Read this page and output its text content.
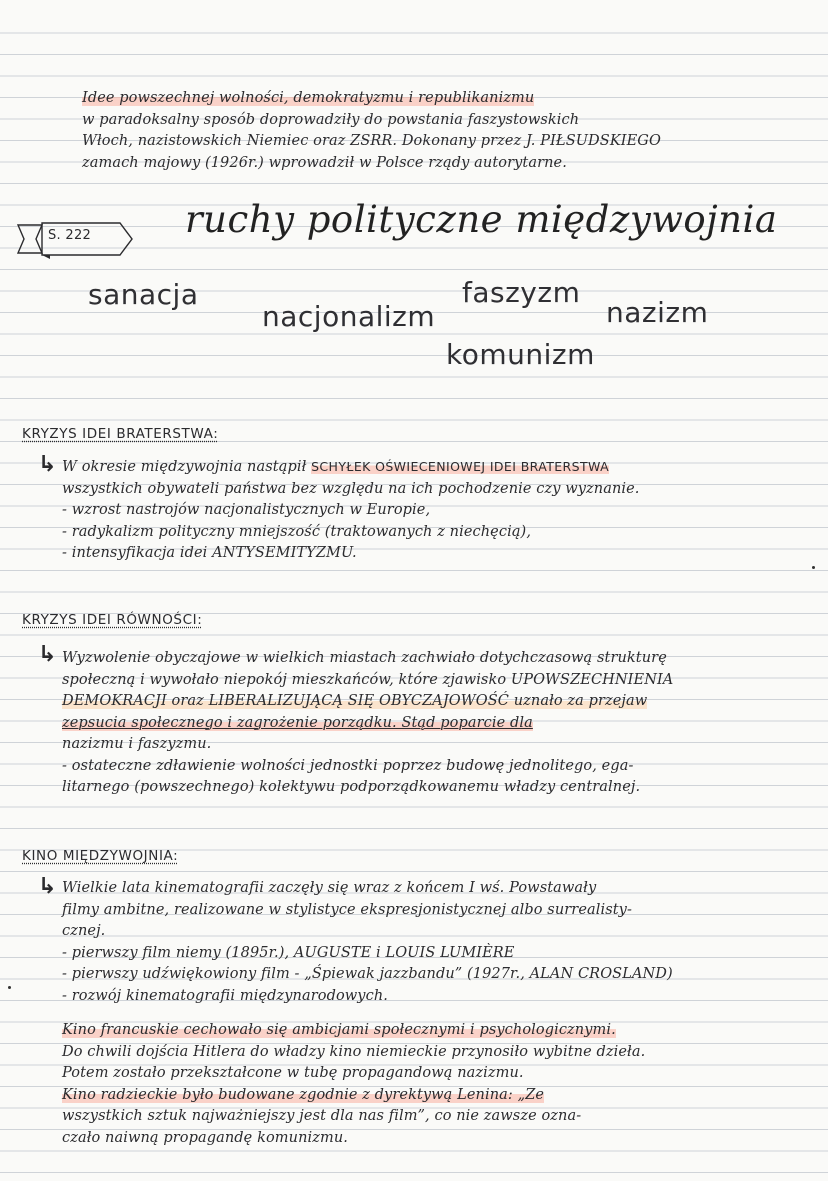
Idee powszechnej wolności, demokratyzmu i republikanizmu
w paradoksalny sposób doprowadziły do powstania faszystowskich
Włoch, nazistowskich Niemiec oraz ZSRR. Dokonany przez J. PIŁSUDSKIEGO
zamach majowy (1926r.) wprowadził w Polsce rządy autorytarne.
S. 222	ruchy polityczne międzywojnia
sanacja
nacjonalizm
faszyzm
nazizm
komunizm
KRYZYS IDEI BRATERSTWA:
↳ W okresie międzywojnia nastąpił SCHYŁEK OŚWIECENIOWEJ IDEI BRATERSTWA
wszystkich obywateli państwa bez względu na ich pochodzenie czy wyznanie.
- wzrost nastrojów nacjonalistycznych w Europie,
- radykalizm polityczny mniejszość (traktowanych z niechęcią),
- intensyfikacja idei ANTYSEMITYZMU.
KRYZYS IDEI RÓWNOŚCI:
↳ Wyzwolenie obyczajowe w wielkich miastach zachwiało dotychczasową strukturę
społeczną i wywołało niepokój mieszkańców, które zjawisko UPOWSZECHNIENIA
DEMOKRACJI oraz LIBERALIZUJĄCĄ SIĘ OBYCZAJOWOŚĆ uznało za przejaw
zepsucia społecznego i zagrożenie porządku. Stąd poparcie dla
nazizmu i faszyzmu.
- ostateczne zdławienie wolności jednostki poprzez budowę jednolitego, ega-
litarnego (powszechnego) kolektywu podporządkowanemu władzy centralnej.
KINO MIĘDZYWOJNIA:
↳ Wielkie lata kinematografii zaczęły się wraz z końcem I wś. Powstawały
filmy ambitne, realizowane w stylistyce ekspresjonistycznej albo surrealisty-
cznej.
- pierwszy film niemy (1895r.), AUGUSTE i LOUIS LUMIÈRE
- pierwszy udźwiękowiony film - „Śpiewak jazzbandu” (1927r., ALAN CROSLAND)
- rozwój kinematografii międzynarodowych.
Kino francuskie cechowało się ambicjami społecznymi i psychologicznymi.
Do chwili dojścia Hitlera do władzy kino niemieckie przynosiło wybitne dzieła.
Potem zostało przekształcone w tubę propagandową nazizmu.
Kino radzieckie było budowane zgodnie z dyrektywą Lenina: „Ze
wszystkich sztuk najważniejszy jest dla nas film”, co nie zawsze ozna-
czało naiwną propagandę komunizmu.
